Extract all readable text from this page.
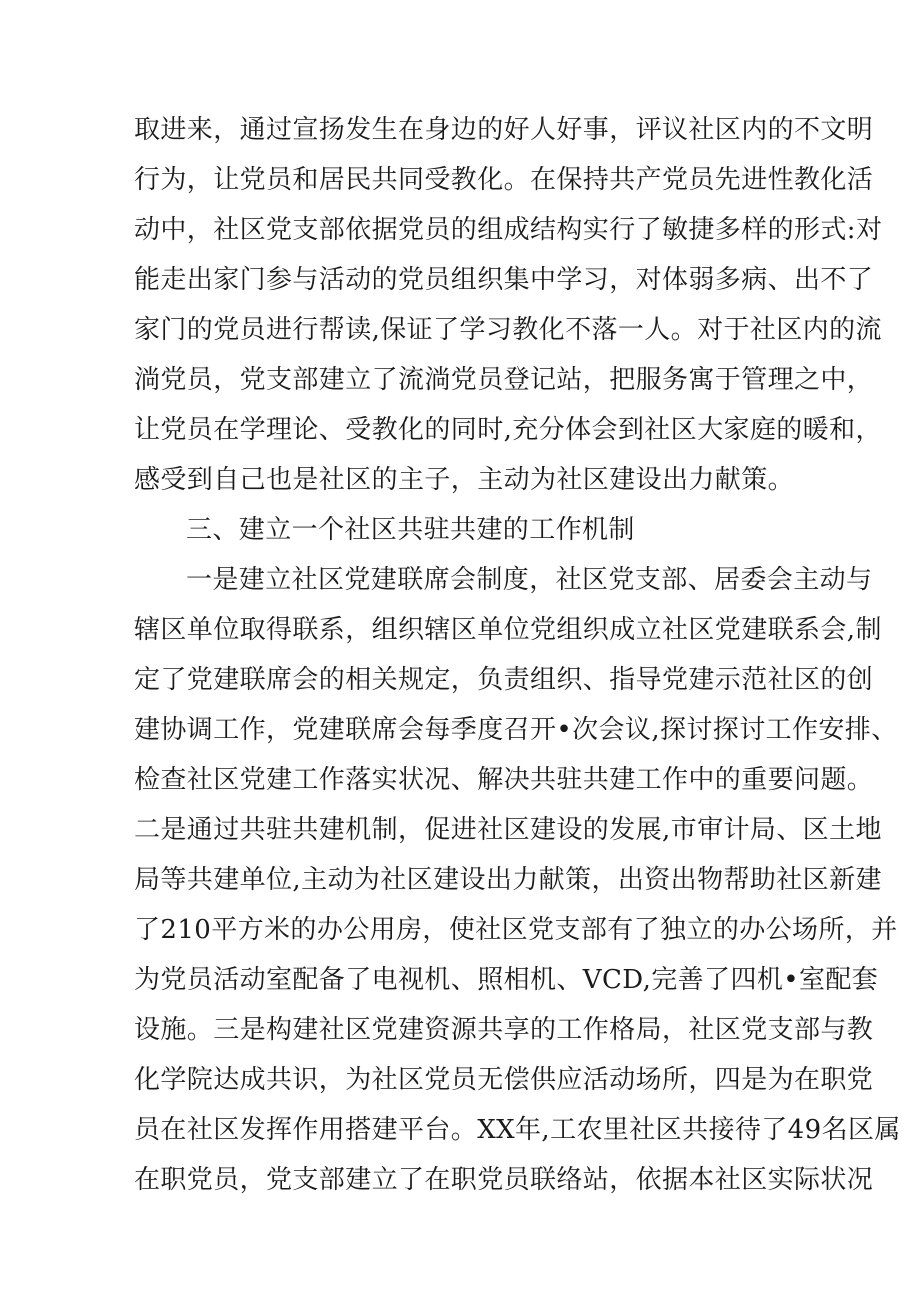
取进来，通过宣扬发生在身边的好人好事，评议社区内的不文明
行为，让党员和居民共同受教化。在保持共产党员先进性教化活
动中，社区党支部依据党员的组成结构实行了敏捷多样的形式:对
能走出家门参与活动的党员组织集中学习，对体弱多病、出不了
家门的党员进行帮读,保证了学习教化不落一人。对于社区内的流
淌党员，党支部建立了流淌党员登记站，把服务寓于管理之中，
让党员在学理论、受教化的同时,充分体会到社区大家庭的暖和，
感受到自己也是社区的主子，主动为社区建设出力献策。
三、建立一个社区共驻共建的工作机制
一是建立社区党建联席会制度，社区党支部、居委会主动与
辖区单位取得联系，组织辖区单位党组织成立社区党建联系会,制
定了党建联席会的相关规定，负责组织、指导党建示范社区的创
建协调工作，党建联席会每季度召开•次会议,探讨探讨工作安排、
检查社区党建工作落实状况、解决共驻共建工作中的重要问题。
二是通过共驻共建机制，促进社区建设的发展,市审计局、区土地
局等共建单位,主动为社区建设出力献策，出资出物帮助社区新建
了210平方米的办公用房，使社区党支部有了独立的办公场所，并
为党员活动室配备了电视机、照相机、VCD,完善了四机•室配套
设施。三是构建社区党建资源共享的工作格局，社区党支部与教
化学院达成共识，为社区党员无偿供应活动场所，四是为在职党
员在社区发挥作用搭建平台。XX年,工农里社区共接待了49名区属
在职党员，党支部建立了在职党员联络站，依据本社区实际状况
